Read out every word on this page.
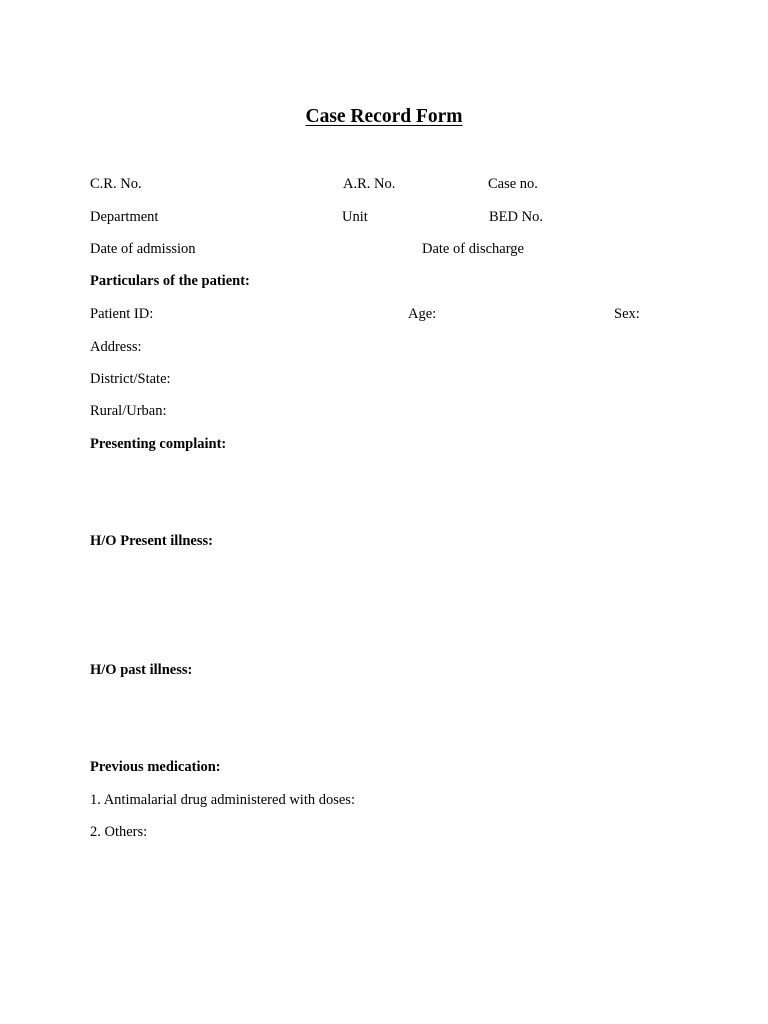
Case Record Form
C.R. No.	A.R. No.	Case no.
Department	Unit	BED No.
Date of admission	Date of discharge
Particulars of the patient:
Patient ID:	Age:	Sex:
Address:
District/State:
Rural/Urban:
Presenting complaint:
H/O Present illness:
H/O past illness:
Previous medication:
1. Antimalarial drug administered with doses:
2. Others:
